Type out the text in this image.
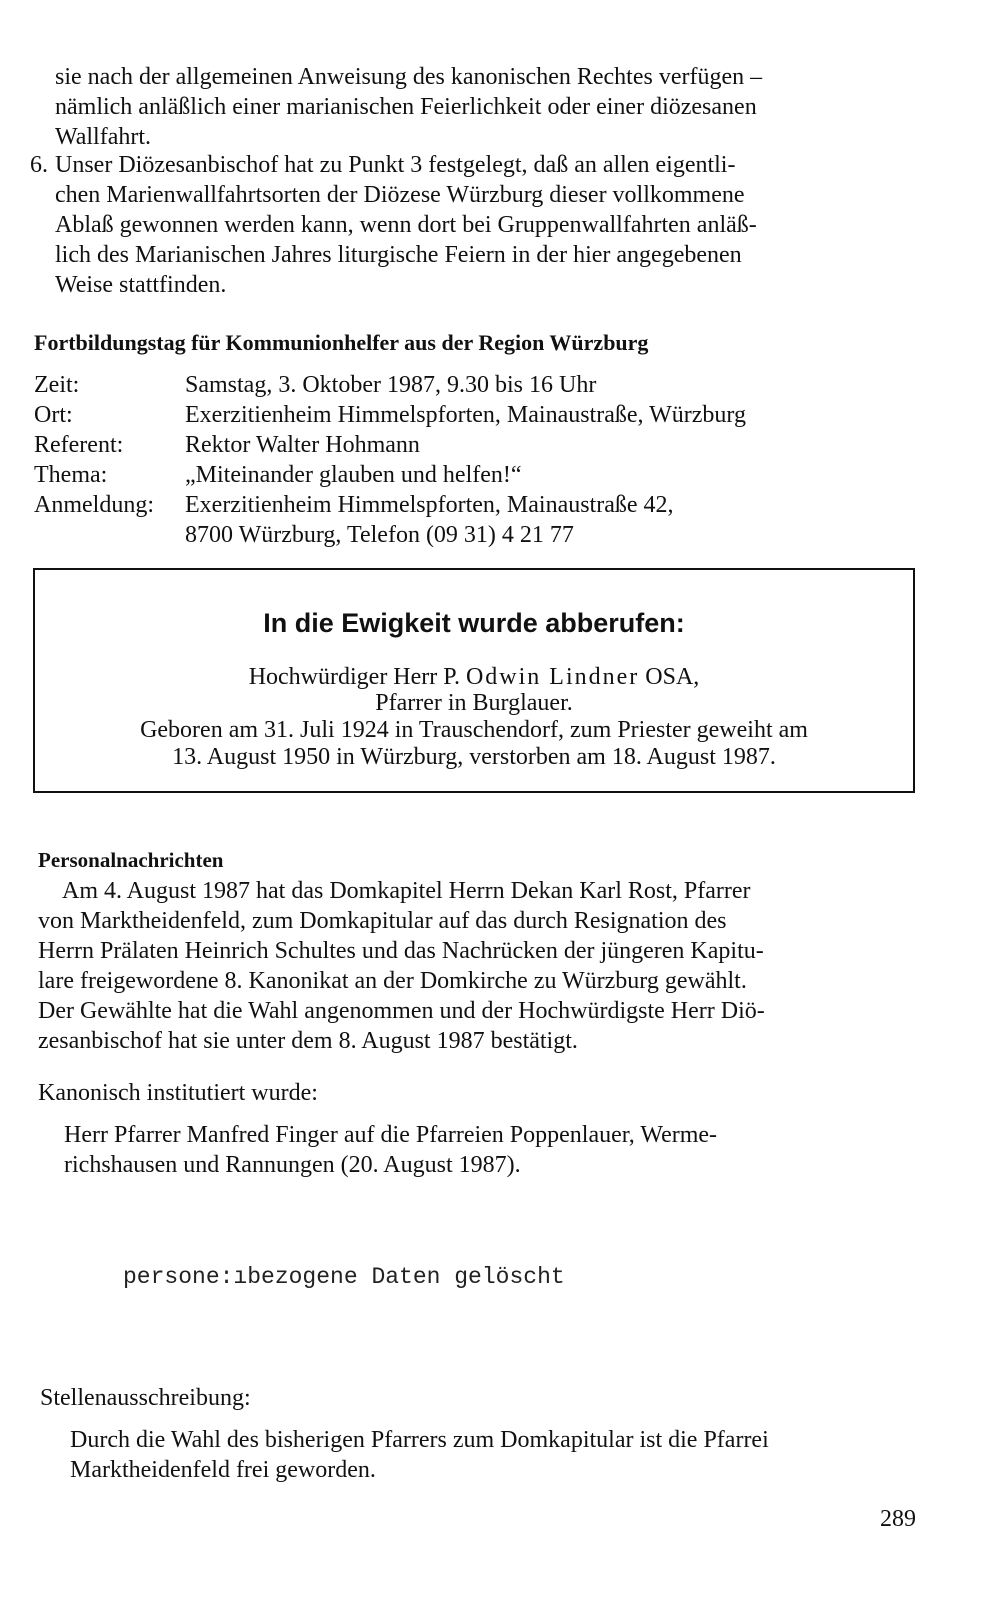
sie nach der allgemeinen Anweisung des kanonischen Rechtes verfügen –
nämlich anläßlich einer marianischen Feierlichkeit oder einer diözesanen
Wallfahrt.
6. Unser Diözesanbischof hat zu Punkt 3 festgelegt, daß an allen eigentli-
chen Marienwallfahrtsorten der Diözese Würzburg dieser vollkommene
Ablaß gewonnen werden kann, wenn dort bei Gruppenwallfahrten anläß-
lich des Marianischen Jahres liturgische Feiern in der hier angegebenen
Weise stattfinden.
Fortbildungstag für Kommunionhelfer aus der Region Würzburg
Zeit:	Samstag, 3. Oktober 1987, 9.30 bis 16 Uhr
Ort:	Exerzitienheim Himmelspforten, Mainaustraße, Würzburg
Referent:	Rektor Walter Hohmann
Thema:	„Miteinander glauben und helfen!“
Anmeldung: Exerzitienheim Himmelspforten, Mainaustraße 42,
8700 Würzburg, Telefon (09 31) 4 21 77
In die Ewigkeit wurde abberufen:
Hochwürdiger Herr P. Odwin Lindner OSA,
Pfarrer in Burglauer.
Geboren am 31. Juli 1924 in Trauschendorf, zum Priester geweiht am
13. August 1950 in Würzburg, verstorben am 18. August 1987.
Personalnachrichten
Am 4. August 1987 hat das Domkapitel Herrn Dekan Karl Rost, Pfarrer
von Marktheidenfeld, zum Domkapitular auf das durch Resignation des
Herrn Prälaten Heinrich Schultes und das Nachrücken der jüngeren Kapitu-
lare freigewordene 8. Kanonikat an der Domkirche zu Würzburg gewählt.
Der Gewählte hat die Wahl angenommen und der Hochwürdigste Herr Diö-
zesanbischof hat sie unter dem 8. August 1987 bestätigt.
Kanonisch institutiert wurde:
Herr Pfarrer Manfred Finger auf die Pfarreien Poppenlauer, Werme-
richshausen und Rannungen (20. August 1987).
persone:ıbezogene Daten gelöscht
Stellenausschreibung:
Durch die Wahl des bisherigen Pfarrers zum Domkapitular ist die Pfarrei
Marktheidenfeld frei geworden.
289
